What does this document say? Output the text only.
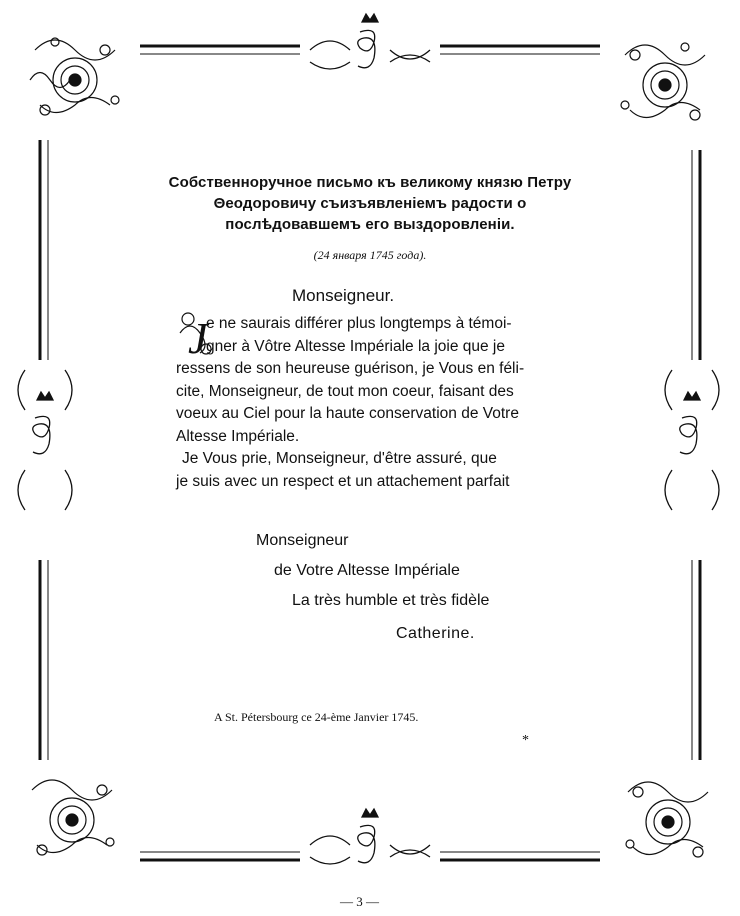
Собственноручное письмо къ великому князю Петру Θеодоровичу съизъявленіемъ радости о послѣдовавшемъ его выздоровленіи.
(24 января 1745 года).
Monseigneur.
J

e ne saurais différer plus longtemps à témoi-
gner à Vôtre Altesse Impériale la joie que je
ressens de son heureuse guérison, je Vous en féli-
cite, Monseigneur, de tout mon coeur, faisant des
voeux au Ciel pour la haute conservation de Votre
Altesse Impériale.

Je Vous prie, Monseigneur, d'être assuré, que
je suis avec un respect et un attachement parfait

Monseigneur
de Votre Altesse Impériale
La très humble et très fidèle
Catherine.
A St. Pétersbourg ce 24-ème Janvier 1745.
*
— 3 —
